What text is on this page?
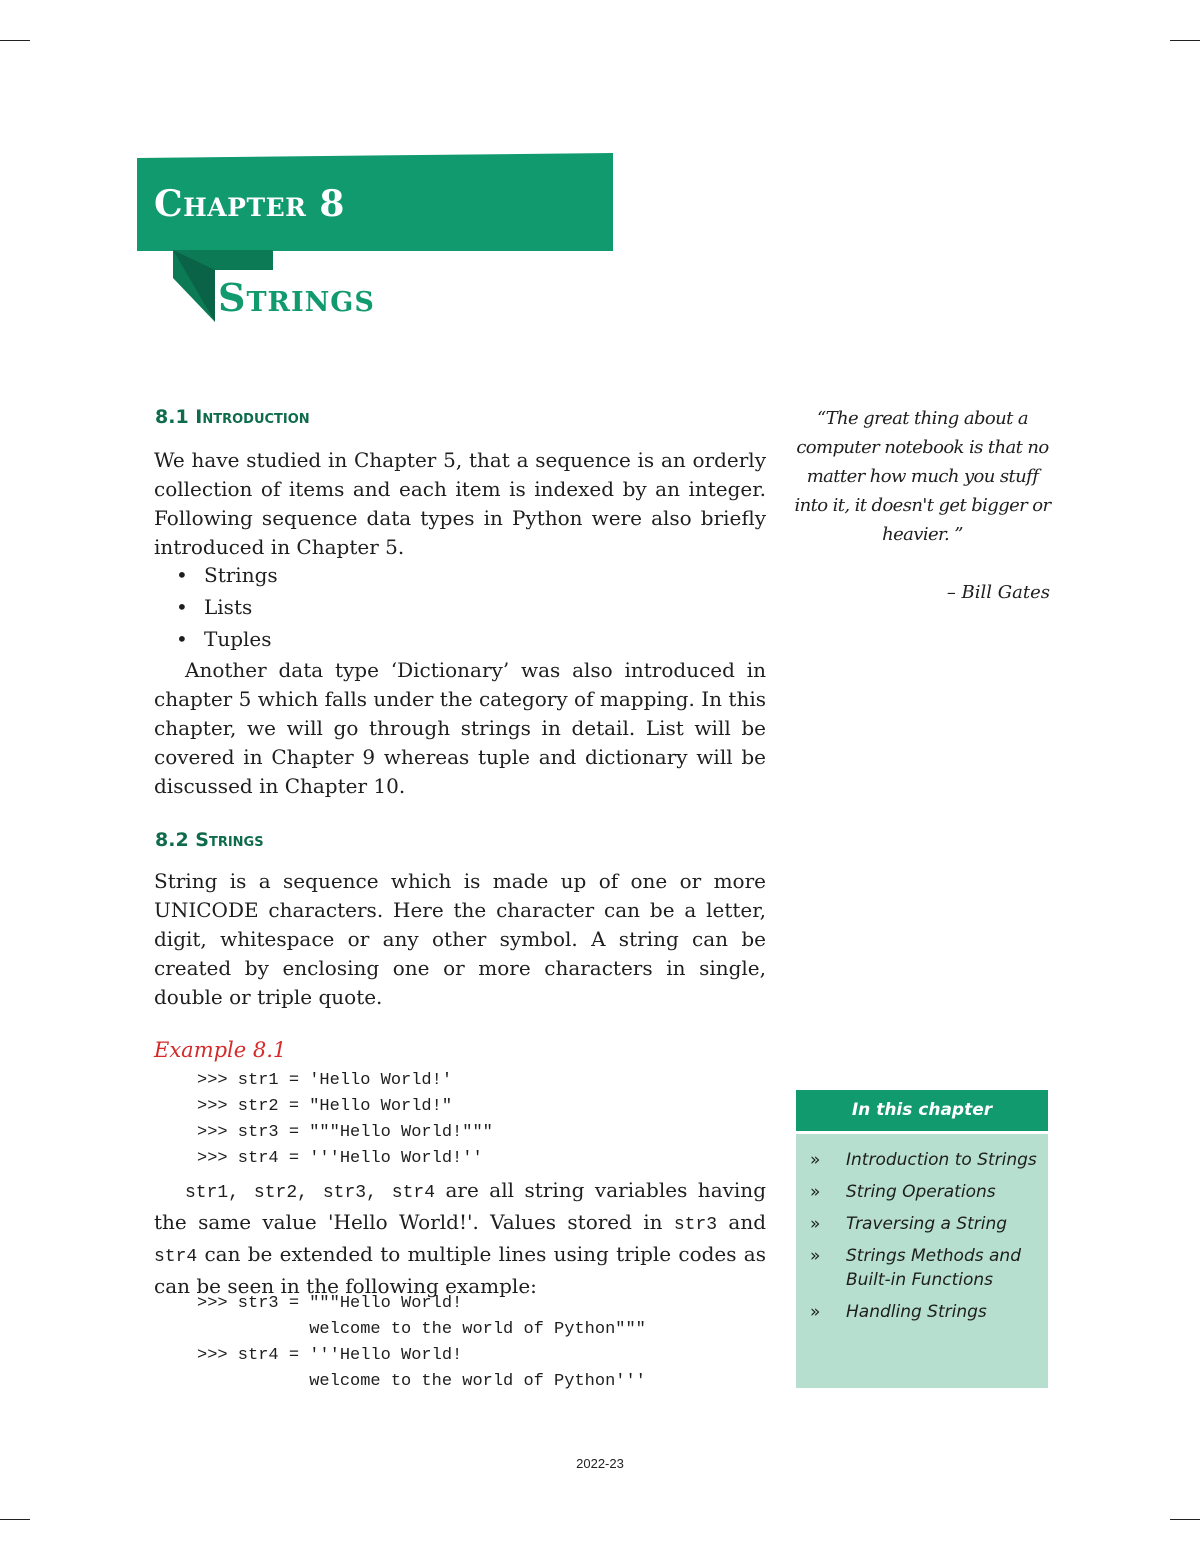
Chapter 8
Strings
8.1 Introduction

We have studied in Chapter 5, that a sequence is an orderly collection of items and each item is indexed by an integer. Following sequence data types in Python were also briefly introduced in Chapter 5.

• Strings
• Lists
• Tuples

Another data type ‘Dictionary’ was also introduced in chapter 5 which falls under the category of mapping. In this chapter, we will go through strings in detail. List will be covered in Chapter 9 whereas tuple and dictionary will be discussed in Chapter 10.

8.2 Strings

String is a sequence which is made up of one or more UNICODE characters. Here the character can be a letter, digit, whitespace or any other symbol. A string can be created by enclosing one or more characters in single, double or triple quote.

Example 8.1
>>> str1 = 'Hello World!'
>>> str2 = "Hello World!"
>>> str3 = """Hello World!"""
>>> str4 = '''Hello World!''

str1, str2, str3, str4 are all string variables having the same value 'Hello World!'. Values stored in str3 and str4 can be extended to multiple lines using triple codes as can be seen in the following example:

>>> str3 = """Hello World!
welcome to the world of Python"""
>>> str4 = '''Hello World!
welcome to the world of Python'''
“The great thing about a computer notebook is that no matter how much you stuff into it, it doesn't get bigger or heavier. ”
– Bill Gates
In this chapter
» Introduction to Strings
» String Operations
» Traversing a String
» Strings Methods and Built-in Functions
» Handling Strings
2022-23
